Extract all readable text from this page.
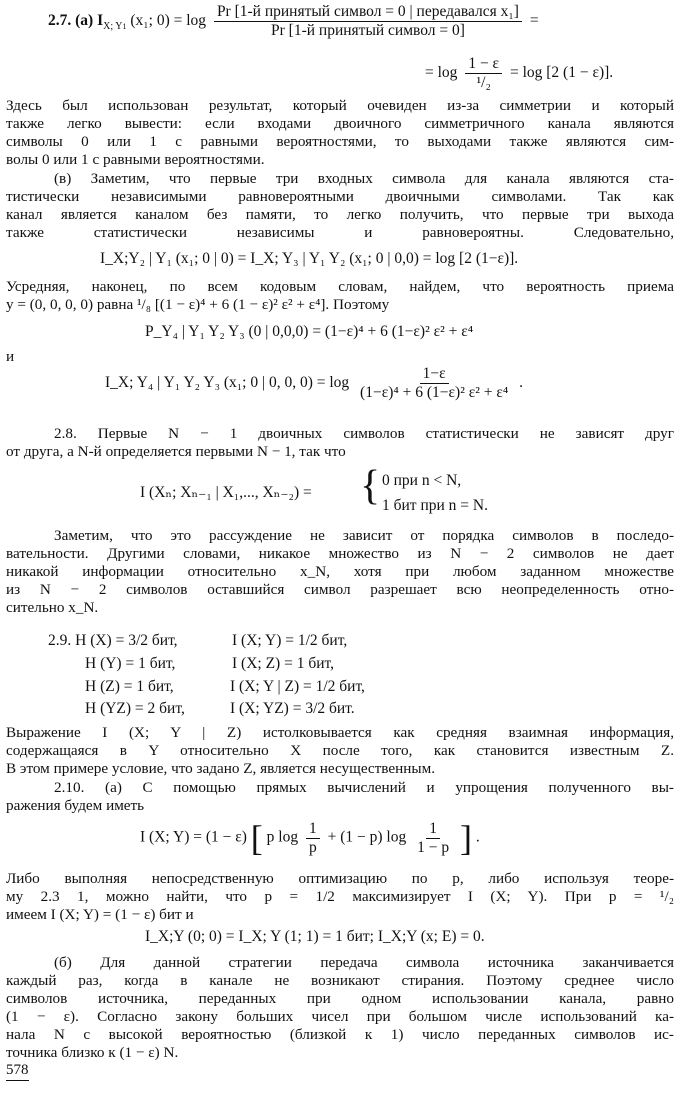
2.7. (а) $I_{X; Y1}$ (x₁; $0) = \log \frac{\text{Pr [1-й принятый символ = 0 | передавался x₁]}}{\text{Pr [1-й принятый символ = 0]}}$ =
= $\log \frac{1 - \varepsilon}{\text{¹/₂}} = \log [2$ (1 − ε)].
Здесь был использован результат, который очевиден из-за симметрии и который
также легко вывести: если входами двоичного симметричного канала являются
символы 0 или 1 с равными вероятностями, то выходами также являются сим-
волы 0 или 1 с равными вероятностями.
(в) Заметим, что первые три входных символа для канала являются ста-
тистически независимыми равновероятными двоичными символами. Так как
канал является каналом без памяти, то легко получить, что первые три выхода
также статистически независимы и равновероятны. Следовательно,
I_X;Y₂ | Y₁ (x₁; 0 | 0) = I_X; Y₃ | Y₁ Y₂ (x₁; 0 | 0,0) = log [2 (1−ε)].
Усредняя, наконец, по всем кодовым словам, найдем, что вероятность приема
y = (0, 0, 0, 0) равна ¹/₈ [(1 − ε)⁴ + 6 (1 − ε)² ε² + ε⁴]. Поэтому
P_Y₄ | Y₁ Y₂ Y₃ (0 | 0,0,0) = (1−ε)⁴ + 6 (1−ε)² ε² + ε⁴
и
I_X; Y₄ | Y₁ Y₂ Y₃ (x₁; 0 | 0, 0, $0) = \log \frac{1-\varepsilon}{\text{(1−ε)⁴ + 6 (1−ε)² ε² + ε⁴}}$ .
2.8. Первые N − 1 двоичных символов статистически не зависят друг
от друга, а N-й определяется первыми N − 1, так что
I (Xₙ; Xₙ₋₁ | X₁,..., Xₙ₋₂) = { 0 при n < N,
1 бит при n = N.
Заметим, что это рассуждение не зависит от порядка символов в последо-
вательности. Другими словами, никакое множество из N − 2 символов не дает
никакой информации относительно x_N, хотя при любом заданном множестве
из N − 2 символов оставшийся символ разрешает всю неопределенность отно-
сительно x_N.
2.9. H (X) = 3/2 бит,	I (X; Y) = 1/2 бит,
H (Y) = 1 бит,	I (X; Z) = 1 бит,
H (Z) = 1 бит,	I (X; Y | Z) = 1/2 бит,
H (YZ) = 2 бит,	I (X; YZ) = 3/2 бит.
Выражение I (X; Y | Z) истолковывается как средняя взаимная информация,
содержащаяся в Y относительно X после того, как становится известным Z.
В этом примере условие, что задано Z, является несущественным.
2.10. (а) С помощью прямых вычислений и упрощения полученного вы-
ражения будем иметь
I (X; Y) = (1 − ε) [ p $\log \frac{1}{p} + (1 - p)$ $\log \frac{1}{1 - p}$ ] .
Либо выполняя непосредственную оптимизацию по p, либо используя теоре-
му 2.3 1, можно найти, что p = 1/2 максимизирует I (X; Y). При p = ¹/₂
имеем I (X; Y) = (1 − ε) бит и
I_X;Y (0; 0) = I_X; Y (1; 1) = 1 бит; I_X;Y (x; E) = 0.
(б) Для данной стратегии передача символа источника заканчивается
каждый раз, когда в канале не возникают стирания. Поэтому среднее число
символов источника, переданных при одном использовании канала, равно
(1 − ε). Согласно закону больших чисел при большом числе использований ка-
нала N с высокой вероятностью (близкой к 1) число переданных символов ис-
точника близко к (1 − ε) N.
578
